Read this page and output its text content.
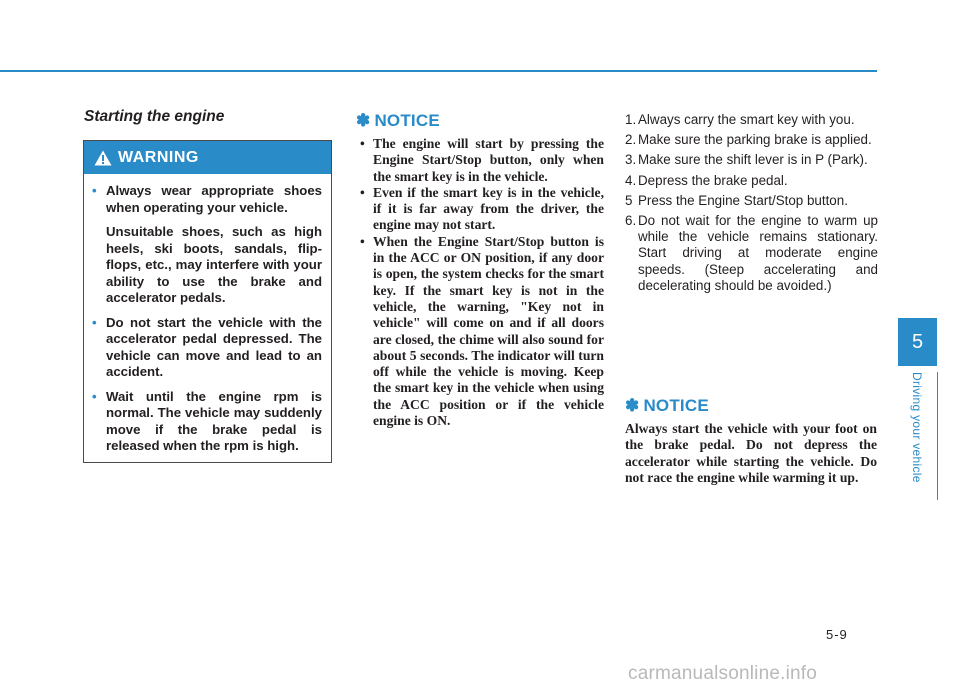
Starting the engine
WARNING
• Always wear appropriate shoes when operating your vehicle.

Unsuitable shoes, such as high heels, ski boots, sandals, flip-flops, etc., may interfere with your ability to use the brake and accelerator pedals.

• Do not start the vehicle with the accelerator pedal depressed. The vehicle can move and lead to an accident.

• Wait until the engine rpm is normal. The vehicle may suddenly move if the brake pedal is released when the rpm is high.

✽ NOTICE
• The engine will start by pressing the Engine Start/Stop button, only when the smart key is in the vehicle.
• Even if the smart key is in the vehicle, if it is far away from the driver, the engine may not start.
• When the Engine Start/Stop button is in the ACC or ON position, if any door is open, the system checks for the smart key. If the smart key is not in the vehicle, the warning, "Key not in vehicle" will come on and if all doors are closed, the chime will also sound for about 5 seconds. The indicator will turn off while the vehicle is moving. Keep the smart key in the vehicle when using the ACC position or if the vehicle engine is ON.
1. Always carry the smart key with you.
2. Make sure the parking brake is applied.
3. Make sure the shift lever is in P (Park).
4. Depress the brake pedal.
5 Press the Engine Start/Stop button.
6. Do not wait for the engine to warm up while the vehicle remains stationary. Start driving at moderate engine speeds. (Steep accelerating and decelerating should be avoided.)
✽ NOTICE

Always start the vehicle with your foot on the brake pedal. Do not depress the accelerator while starting the vehicle. Do not race the engine while warming it up.

5
Driving your vehicle
5-9
carmanualsonline.info
